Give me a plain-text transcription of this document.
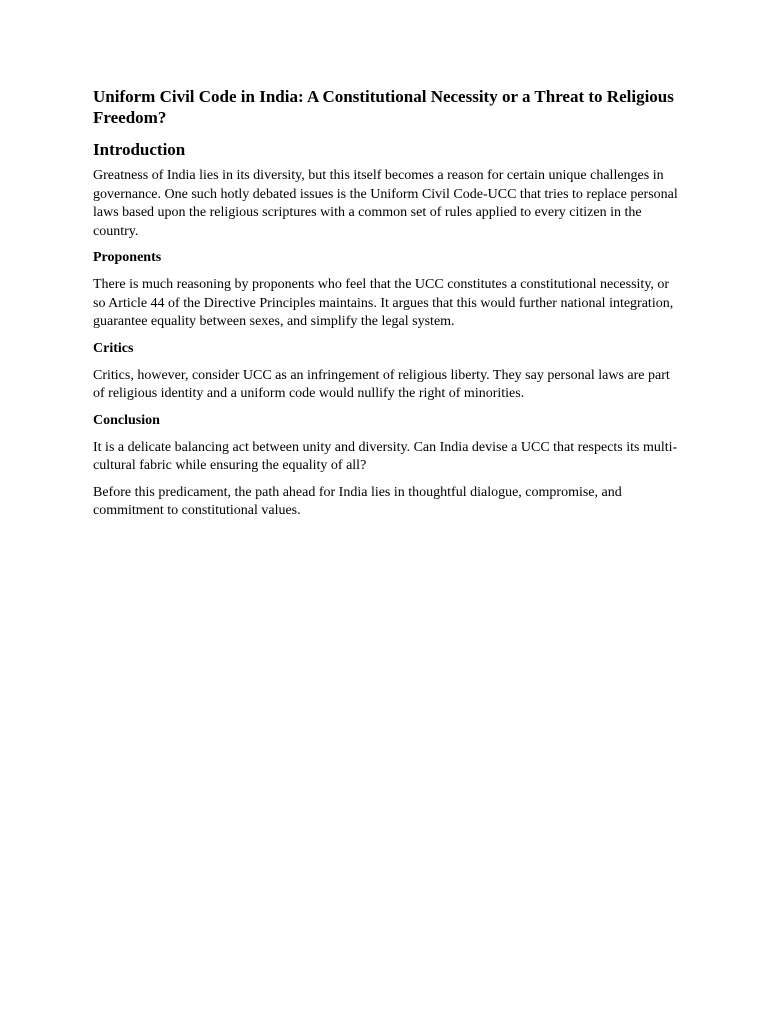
Uniform Civil Code in India: A Constitutional Necessity or a Threat to Religious Freedom?
Introduction

Greatness of India lies in its diversity, but this itself becomes a reason for certain unique challenges in governance. One such hotly debated issues is the Uniform Civil Code-UCC that tries to replace personal laws based upon the religious scriptures with a common set of rules applied to every citizen in the country.

Proponents

There is much reasoning by proponents who feel that the UCC constitutes a constitutional necessity, or so Article 44 of the Directive Principles maintains. It argues that this would further national integration, guarantee equality between sexes, and simplify the legal system.

Critics

Critics, however, consider UCC as an infringement of religious liberty. They say personal laws are part of religious identity and a uniform code would nullify the right of minorities.

Conclusion

It is a delicate balancing act between unity and diversity. Can India devise a UCC that respects its multi-cultural fabric while ensuring the equality of all?

Before this predicament, the path ahead for India lies in thoughtful dialogue, compromise, and commitment to constitutional values.
